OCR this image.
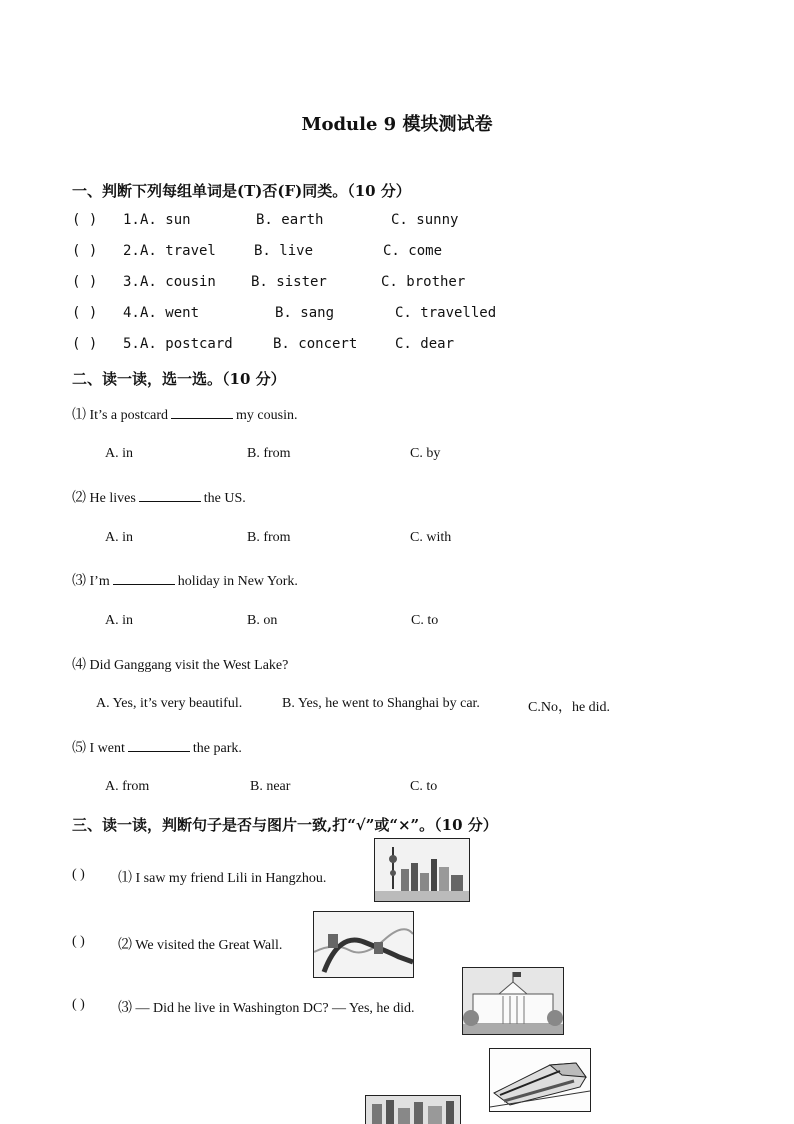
Module 9 模块测试卷
一、判断下列每组单词是(T)否(F)同类。（10 分）
( ) 1. A. sun	B. earth	C. sunny
( ) 2. A. travel	B. live	C. come
( ) 3. A. cousin	B. sister	C. brother
( ) 4. A. went	B. sang	C. travelled
( ) 5. A. postcard	B. concert	C. dear
二、读一读，选一选。（10 分）
⑴ It’s a postcard	my cousin.
A. in	B. from	C. by
⑵ He lives	the US.
A. in	B. from	C. with
⑶ I’m	holiday in New York.
A. in	B. on	C. to
⑷ Did Ganggang visit the West Lake?
A. Yes, it’s very beautiful.	B. Yes, he went to Shanghai by car.	C.No，he did.
⑸ I went	the park.
A. from	B. near	C. to
三、读一读，判断句子是否与图片一致,打“√”或“×”。（10 分）
( ) ⑴ I saw my friend Lili in Hangzhou.
( ) ⑵ We visited the Great Wall.
( ) ⑶ — Did he live in Washington DC? — Yes, he did.
